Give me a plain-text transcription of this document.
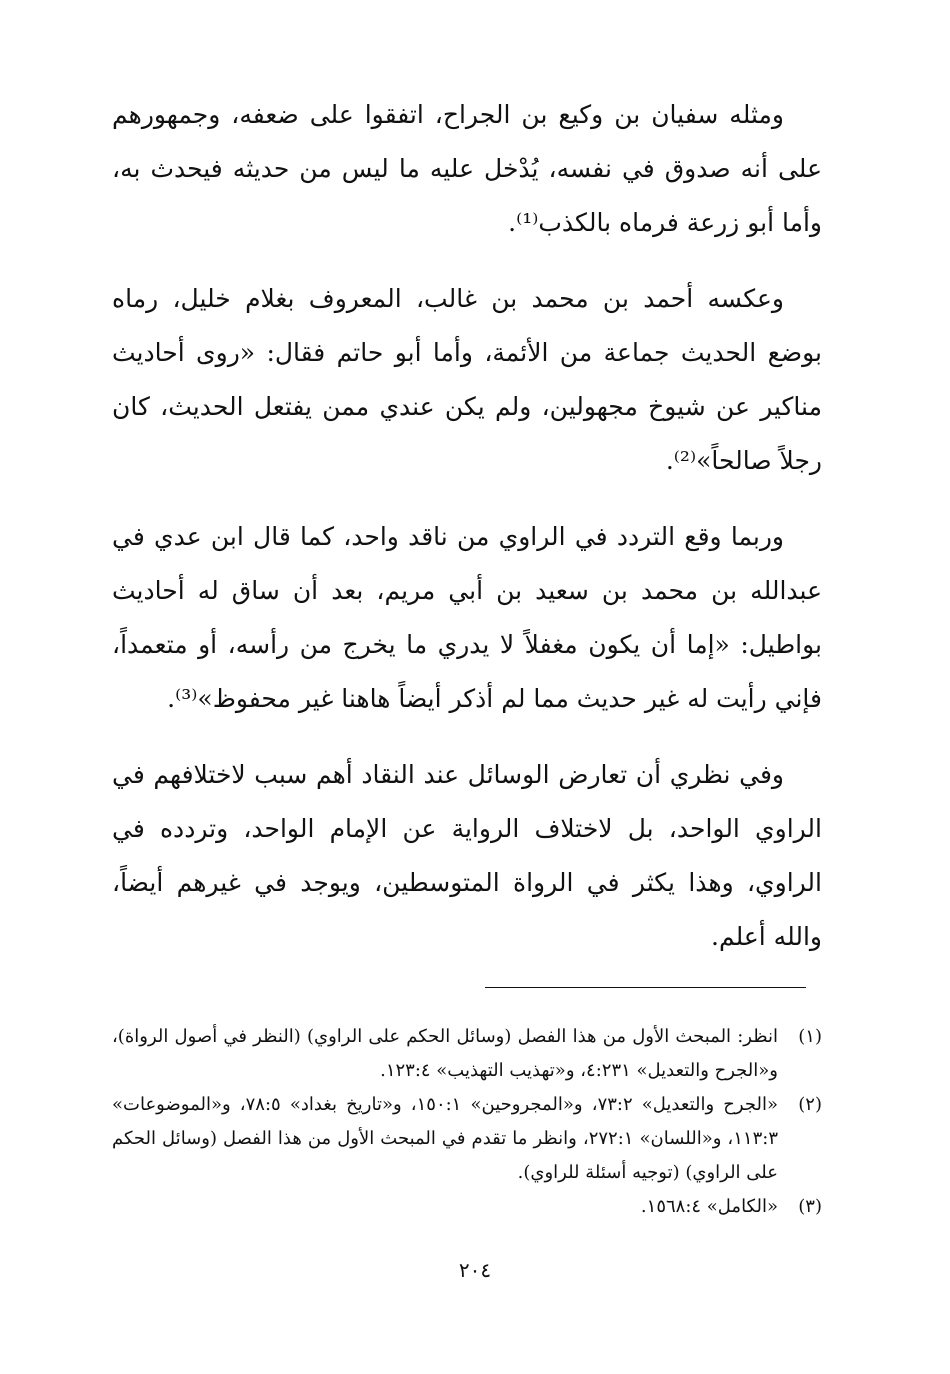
ومثله سفيان بن وكيع بن الجراح، اتفقوا على ضعفه، وجمهورهم على أنه صدوق في نفسه، يُدْخل عليه ما ليس من حديثه فيحدث به، وأما أبو زرعة فرماه بالكذب⁽¹⁾.

وعكسه أحمد بن محمد بن غالب، المعروف بغلام خليل، رماه بوضع الحديث جماعة من الأئمة، وأما أبو حاتم فقال: «روى أحاديث مناكير عن شيوخ مجهولين، ولم يكن عندي ممن يفتعل الحديث، كان رجلاً صالحاً»⁽²⁾.

وربما وقع التردد في الراوي من ناقد واحد، كما قال ابن عدي في عبدالله بن محمد بن سعيد بن أبي مريم، بعد أن ساق له أحاديث بواطيل: «إما أن يكون مغفلاً لا يدري ما يخرج من رأسه، أو متعمداً، فإني رأيت له غير حديث مما لم أذكر أيضاً هاهنا غير محفوظ»⁽³⁾.

وفي نظري أن تعارض الوسائل عند النقاد أهم سبب لاختلافهم في الراوي الواحد، بل لاختلاف الرواية عن الإمام الواحد، وتردده في الراوي، وهذا يكثر في الرواة المتوسطين، ويوجد في غيرهم أيضاً، والله أعلم.

(١)
انظر: المبحث الأول من هذا الفصل (وسائل الحكم على الراوي) (النظر في أصول الرواة)، و«الجرح والتعديل» ٤:٢٣١، و«تهذيب التهذيب» ١٢٣:٤.
(٢)
«الجرح والتعديل» ٧٣:٢، و«المجروحين» ١٥٠:١، و«تاريخ بغداد» ٧٨:٥، و«الموضوعات» ١١٣:٣، و«اللسان» ٢٧٢:١، وانظر ما تقدم في المبحث الأول من هذا الفصل (وسائل الحكم على الراوي) (توجيه أسئلة للراوي).
(٣)
«الكامل» ١٥٦٨:٤.
٢٠٤
